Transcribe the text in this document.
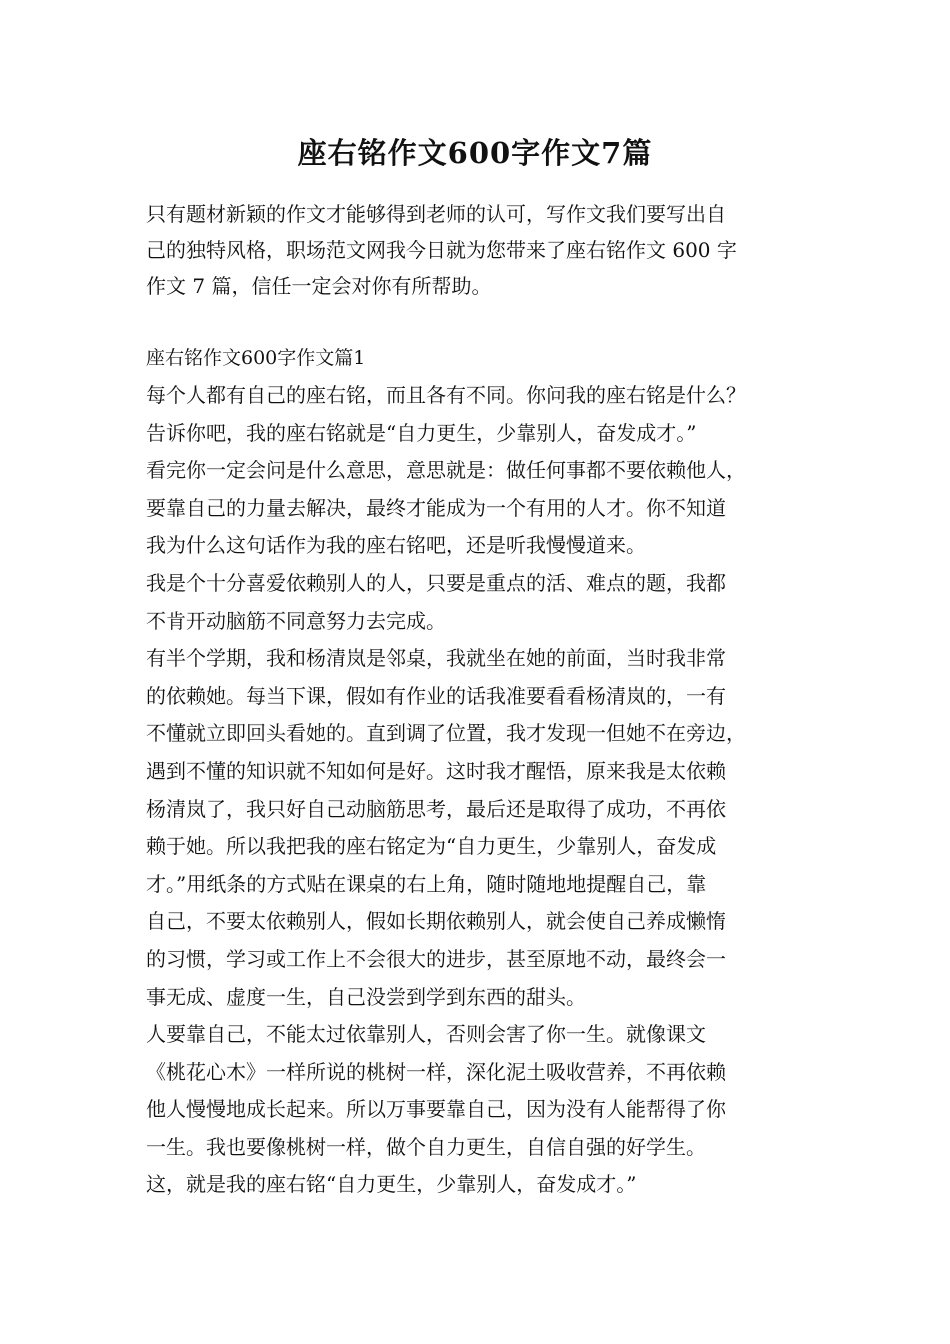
座右铭作文600字作文7篇
只有题材新颖的作文才能够得到老师的认可，写作文我们要写出自
己的独特风格，职场范文网我今日就为您带来了座右铭作文 600 字
作文 7 篇，信任一定会对你有所帮助。
座右铭作文600字作文篇1
每个人都有自己的座右铭，而且各有不同。你问我的座右铭是什么？
告诉你吧，我的座右铭就是“自力更生，少靠别人，奋发成才。”
看完你一定会问是什么意思，意思就是：做任何事都不要依赖他人，
要靠自己的力量去解决，最终才能成为一个有用的人才。你不知道
我为什么这句话作为我的座右铭吧，还是听我慢慢道来。
我是个十分喜爱依赖别人的人，只要是重点的活、难点的题，我都
不肯开动脑筋不同意努力去完成。
有半个学期，我和杨清岚是邻桌，我就坐在她的前面，当时我非常
的依赖她。每当下课，假如有作业的话我准要看看杨清岚的，一有
不懂就立即回头看她的。直到调了位置，我才发现一但她不在旁边，
遇到不懂的知识就不知如何是好。这时我才醒悟，原来我是太依赖
杨清岚了，我只好自己动脑筋思考，最后还是取得了成功，不再依
赖于她。所以我把我的座右铭定为“自力更生，少靠别人，奋发成
才。”用纸条的方式贴在课桌的右上角，随时随地地提醒自己，靠
自己，不要太依赖别人，假如长期依赖别人，就会使自己养成懒惰
的习惯，学习或工作上不会很大的进步，甚至原地不动，最终会一
事无成、虚度一生，自己没尝到学到东西的甜头。
人要靠自己，不能太过依靠别人，否则会害了你一生。就像课文
《桃花心木》一样所说的桃树一样，深化泥土吸收营养，不再依赖
他人慢慢地成长起来。所以万事要靠自己，因为没有人能帮得了你
一生。我也要像桃树一样，做个自力更生，自信自强的好学生。
这，就是我的座右铭“自力更生，少靠别人，奋发成才。”
